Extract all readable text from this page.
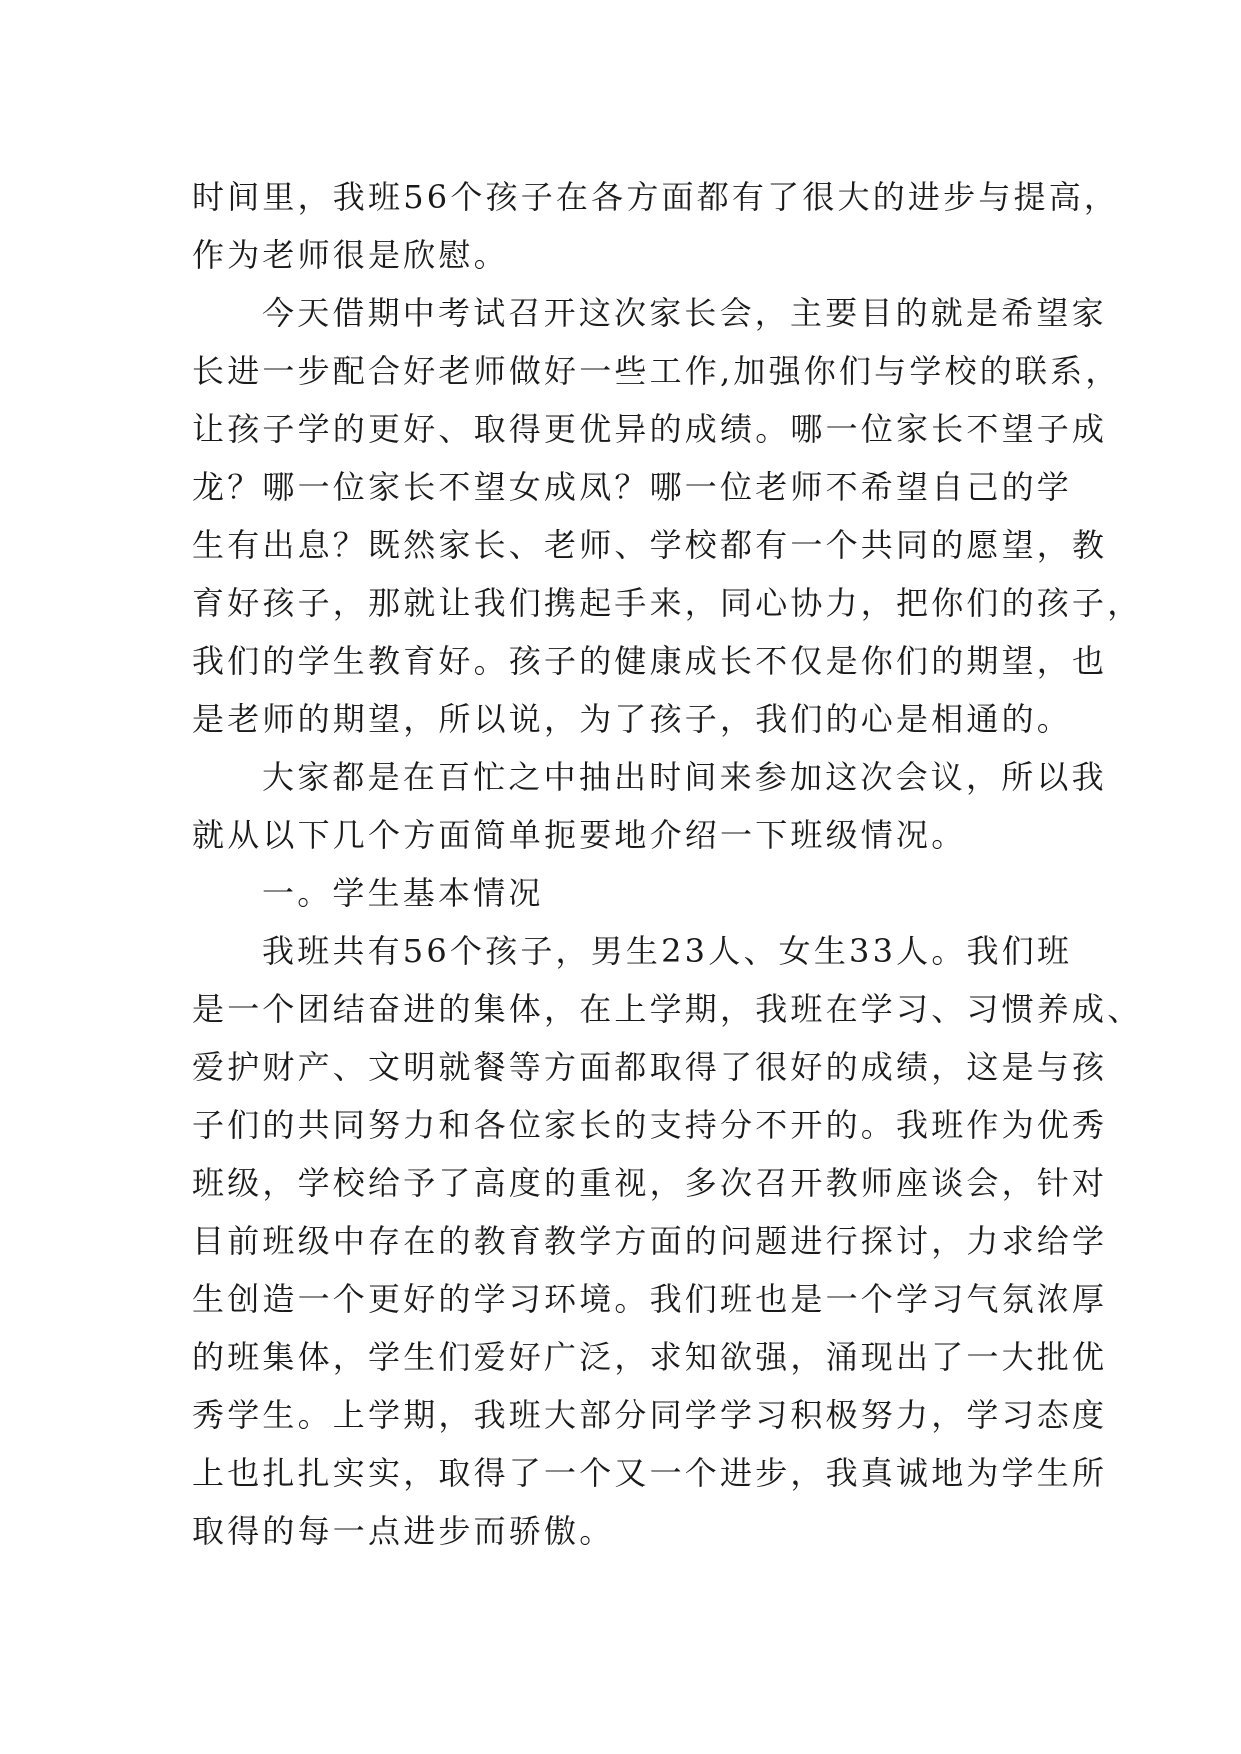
时间里，我班56个孩子在各方面都有了很大的进步与提高，
作为老师很是欣慰。
今天借期中考试召开这次家长会，主要目的就是希望家
长进一步配合好老师做好一些工作,加强你们与学校的联系，
让孩子学的更好、取得更优异的成绩。哪一位家长不望子成
龙？哪一位家长不望女成凤？哪一位老师不希望自己的学
生有出息？既然家长、老师、学校都有一个共同的愿望，教
育好孩子，那就让我们携起手来，同心协力，把你们的孩子，
我们的学生教育好。孩子的健康成长不仅是你们的期望，也
是老师的期望，所以说，为了孩子，我们的心是相通的。
大家都是在百忙之中抽出时间来参加这次会议，所以我
就从以下几个方面简单扼要地介绍一下班级情况。
一。学生基本情况
我班共有56个孩子，男生23人、女生33人。我们班
是一个团结奋进的集体，在上学期，我班在学习、习惯养成、
爱护财产、文明就餐等方面都取得了很好的成绩，这是与孩
子们的共同努力和各位家长的支持分不开的。我班作为优秀
班级，学校给予了高度的重视，多次召开教师座谈会，针对
目前班级中存在的教育教学方面的问题进行探讨，力求给学
生创造一个更好的学习环境。我们班也是一个学习气氛浓厚
的班集体，学生们爱好广泛，求知欲强，涌现出了一大批优
秀学生。上学期，我班大部分同学学习积极努力，学习态度
上也扎扎实实，取得了一个又一个进步，我真诚地为学生所
取得的每一点进步而骄傲。
